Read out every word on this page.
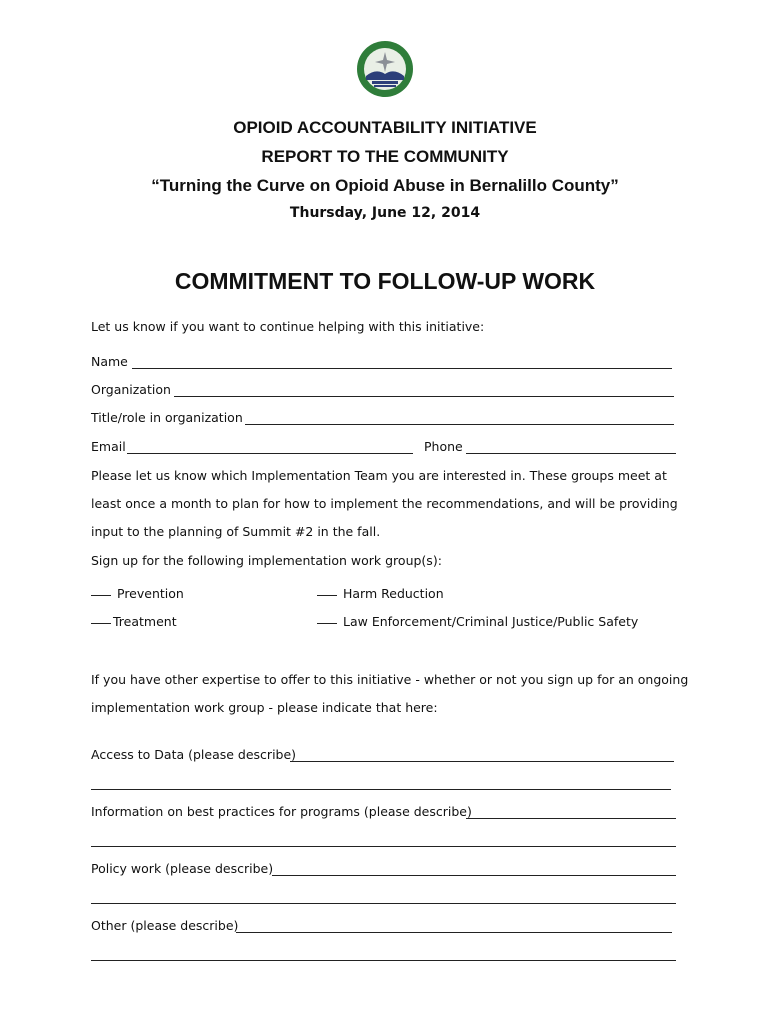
OPIOID ACCOUNTABILITY INITIATIVE
REPORT TO THE COMMUNITY
“Turning the Curve on Opioid Abuse in Bernalillo County”
Thursday, June 12, 2014
COMMITMENT TO FOLLOW-UP WORK
Let us know if you want to continue helping with this initiative:
Name
Organization
Title/role in organization
Email	Phone
Please let us know which Implementation Team you are interested in. These groups meet at
least once a month to plan for how to implement the recommendations, and will be providing
input to the planning of Summit #2 in the fall.
Sign up for the following implementation work group(s):
Prevention	Harm Reduction
Treatment	Law Enforcement/Criminal Justice/Public Safety
If you have other expertise to offer to this initiative - whether or not you sign up for an ongoing
implementation work group - please indicate that here:
Access to Data (please describe)
Information on best practices for programs (please describe)
Policy work (please describe)
Other (please describe)
